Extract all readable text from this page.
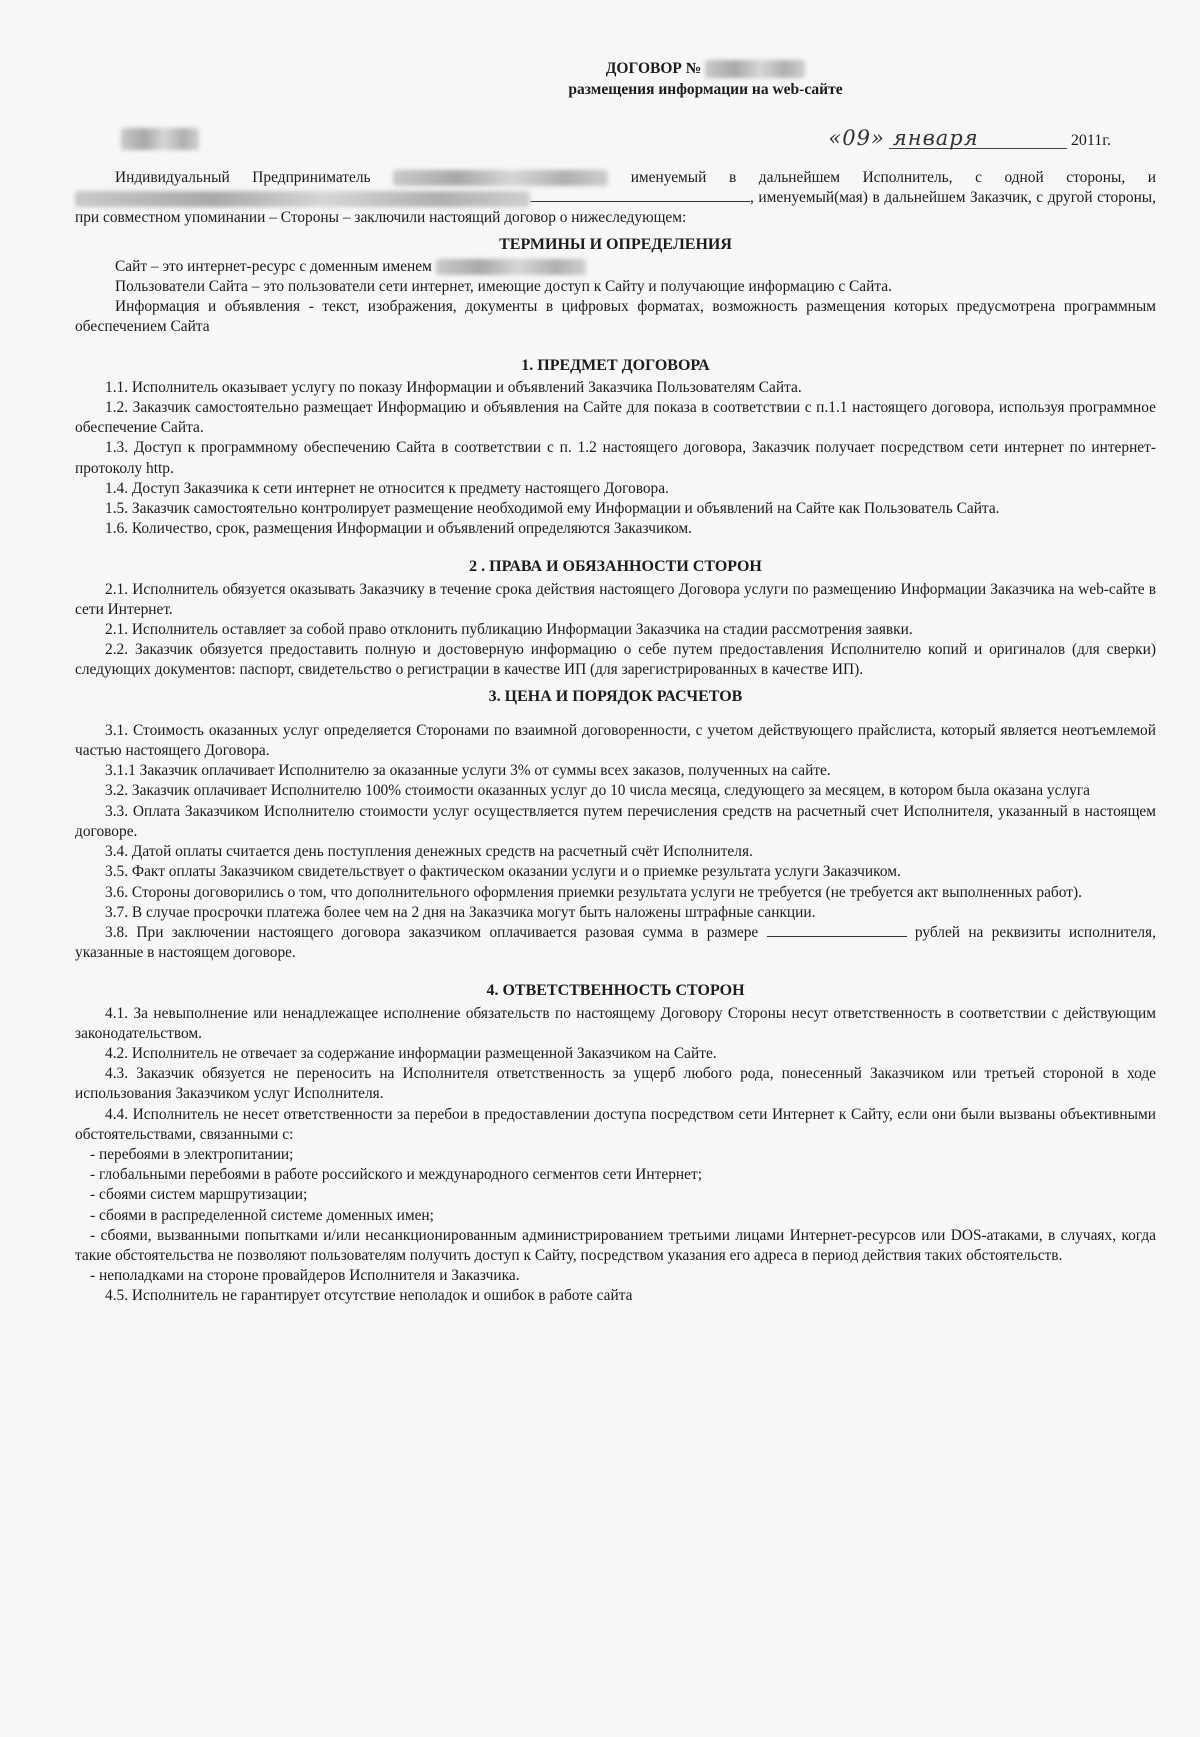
ДОГОВОР №
размещения информации на web-сайте
«09» января	2011г.

Индивидуальный Предприниматель	именуемый в дальнейшем Исполнитель, с одной стороны, и , именуемый(мая) в дальнейшем Заказчик, с другой стороны, при совместном упоминании – Стороны – заключили настоящий договор о нижеследующем:

ТЕРМИНЫ И ОПРЕДЕЛЕНИЯ

Сайт – это интернет-ресурс с доменным именем

Пользователи Сайта – это пользователи сети интернет, имеющие доступ к Сайту и получающие информацию с Сайта.

Информация и объявления - текст, изображения, документы в цифровых форматах, возможность размещения которых предусмотрена программным обеспечением Сайта

1. ПРЕДМЕТ ДОГОВОРА

1.1. Исполнитель оказывает услугу по показу Информации и объявлений Заказчика Пользователям Сайта.

1.2. Заказчик самостоятельно размещает Информацию и объявления на Сайте для показа в соответствии с п.1.1 настоящего договора, используя программное обеспечение Сайта.

1.3. Доступ к программному обеспечению Сайта в соответствии с п. 1.2 настоящего договора, Заказчик получает посредством сети интернет по интернет-протоколу http.

1.4. Доступ Заказчика к сети интернет не относится к предмету настоящего Договора.

1.5. Заказчик самостоятельно контролирует размещение необходимой ему Информации и объявлений на Сайте как Пользователь Сайта.

1.6. Количество, срок, размещения Информации и объявлений определяются Заказчиком.

2 . ПРАВА И ОБЯЗАННОСТИ СТОРОН

2.1. Исполнитель обязуется оказывать Заказчику в течение срока действия настоящего Договора услуги по размещению Информации Заказчика на web-сайте в сети Интернет.

2.1. Исполнитель оставляет за собой право отклонить публикацию Информации Заказчика на стадии рассмотрения заявки.

2.2. Заказчик обязуется предоставить полную и достоверную информацию о себе путем предоставления Исполнителю копий и оригиналов (для сверки) следующих документов: паспорт, свидетельство о регистрации в качестве ИП (для зарегистрированных в качестве ИП).

3. ЦЕНА И ПОРЯДОК РАСЧЕТОВ

3.1. Стоимость оказанных услуг определяется Сторонами по взаимной договоренности, с учетом действующего прайслиста, который является неотъемлемой частью настоящего Договора.

3.1.1 Заказчик оплачивает Исполнителю за оказанные услуги 3% от суммы всех заказов, полученных на сайте.

3.2. Заказчик оплачивает Исполнителю 100% стоимости оказанных услуг до 10 числа месяца, следующего за месяцем, в котором была оказана услуга

3.3. Оплата Заказчиком Исполнителю стоимости услуг осуществляется путем перечисления средств на расчетный счет Исполнителя, указанный в настоящем договоре.

3.4. Датой оплаты считается день поступления денежных средств на расчетный счёт Исполнителя.

3.5. Факт оплаты Заказчиком свидетельствует о фактическом оказании услуги и о приемке результата услуги Заказчиком.

3.6. Стороны договорились о том, что дополнительного оформления приемки результата услуги не требуется (не требуется акт выполненных работ).

3.7. В случае просрочки платежа более чем на 2 дня на Заказчика могут быть наложены штрафные санкции.

3.8. При заключении настоящего договора заказчиком оплачивается разовая сумма в размере	рублей на реквизиты исполнителя, указанные в настоящем договоре.

4. ОТВЕТСТВЕННОСТЬ СТОРОН

4.1. За невыполнение или ненадлежащее исполнение обязательств по настоящему Договору Стороны несут ответственность в соответствии с действующим законодательством.

4.2. Исполнитель не отвечает за содержание информации размещенной Заказчиком на Сайте.

4.3. Заказчик обязуется не переносить на Исполнителя ответственность за ущерб любого рода, понесенный Заказчиком или третьей стороной в ходе использования Заказчиком услуг Исполнителя.

4.4. Исполнитель не несет ответственности за перебои в предоставлении доступа посредством сети Интернет к Сайту, если они были вызваны объективными обстоятельствами, связанными с:

- перебоями в электропитании;

- глобальными перебоями в работе российского и международного сегментов сети Интернет;

- сбоями систем маршрутизации;

- сбоями в распределенной системе доменных имен;

- сбоями, вызванными попытками и/или несанкционированным администрированием третьими лицами Интернет-ресурсов или DOS-атаками, в случаях, когда такие обстоятельства не позволяют пользователям получить доступ к Сайту, посредством указания его адреса в период действия таких обстоятельств.

- неполадками на стороне провайдеров Исполнителя и Заказчика.

4.5. Исполнитель не гарантирует отсутствие неполадок и ошибок в работе сайта
